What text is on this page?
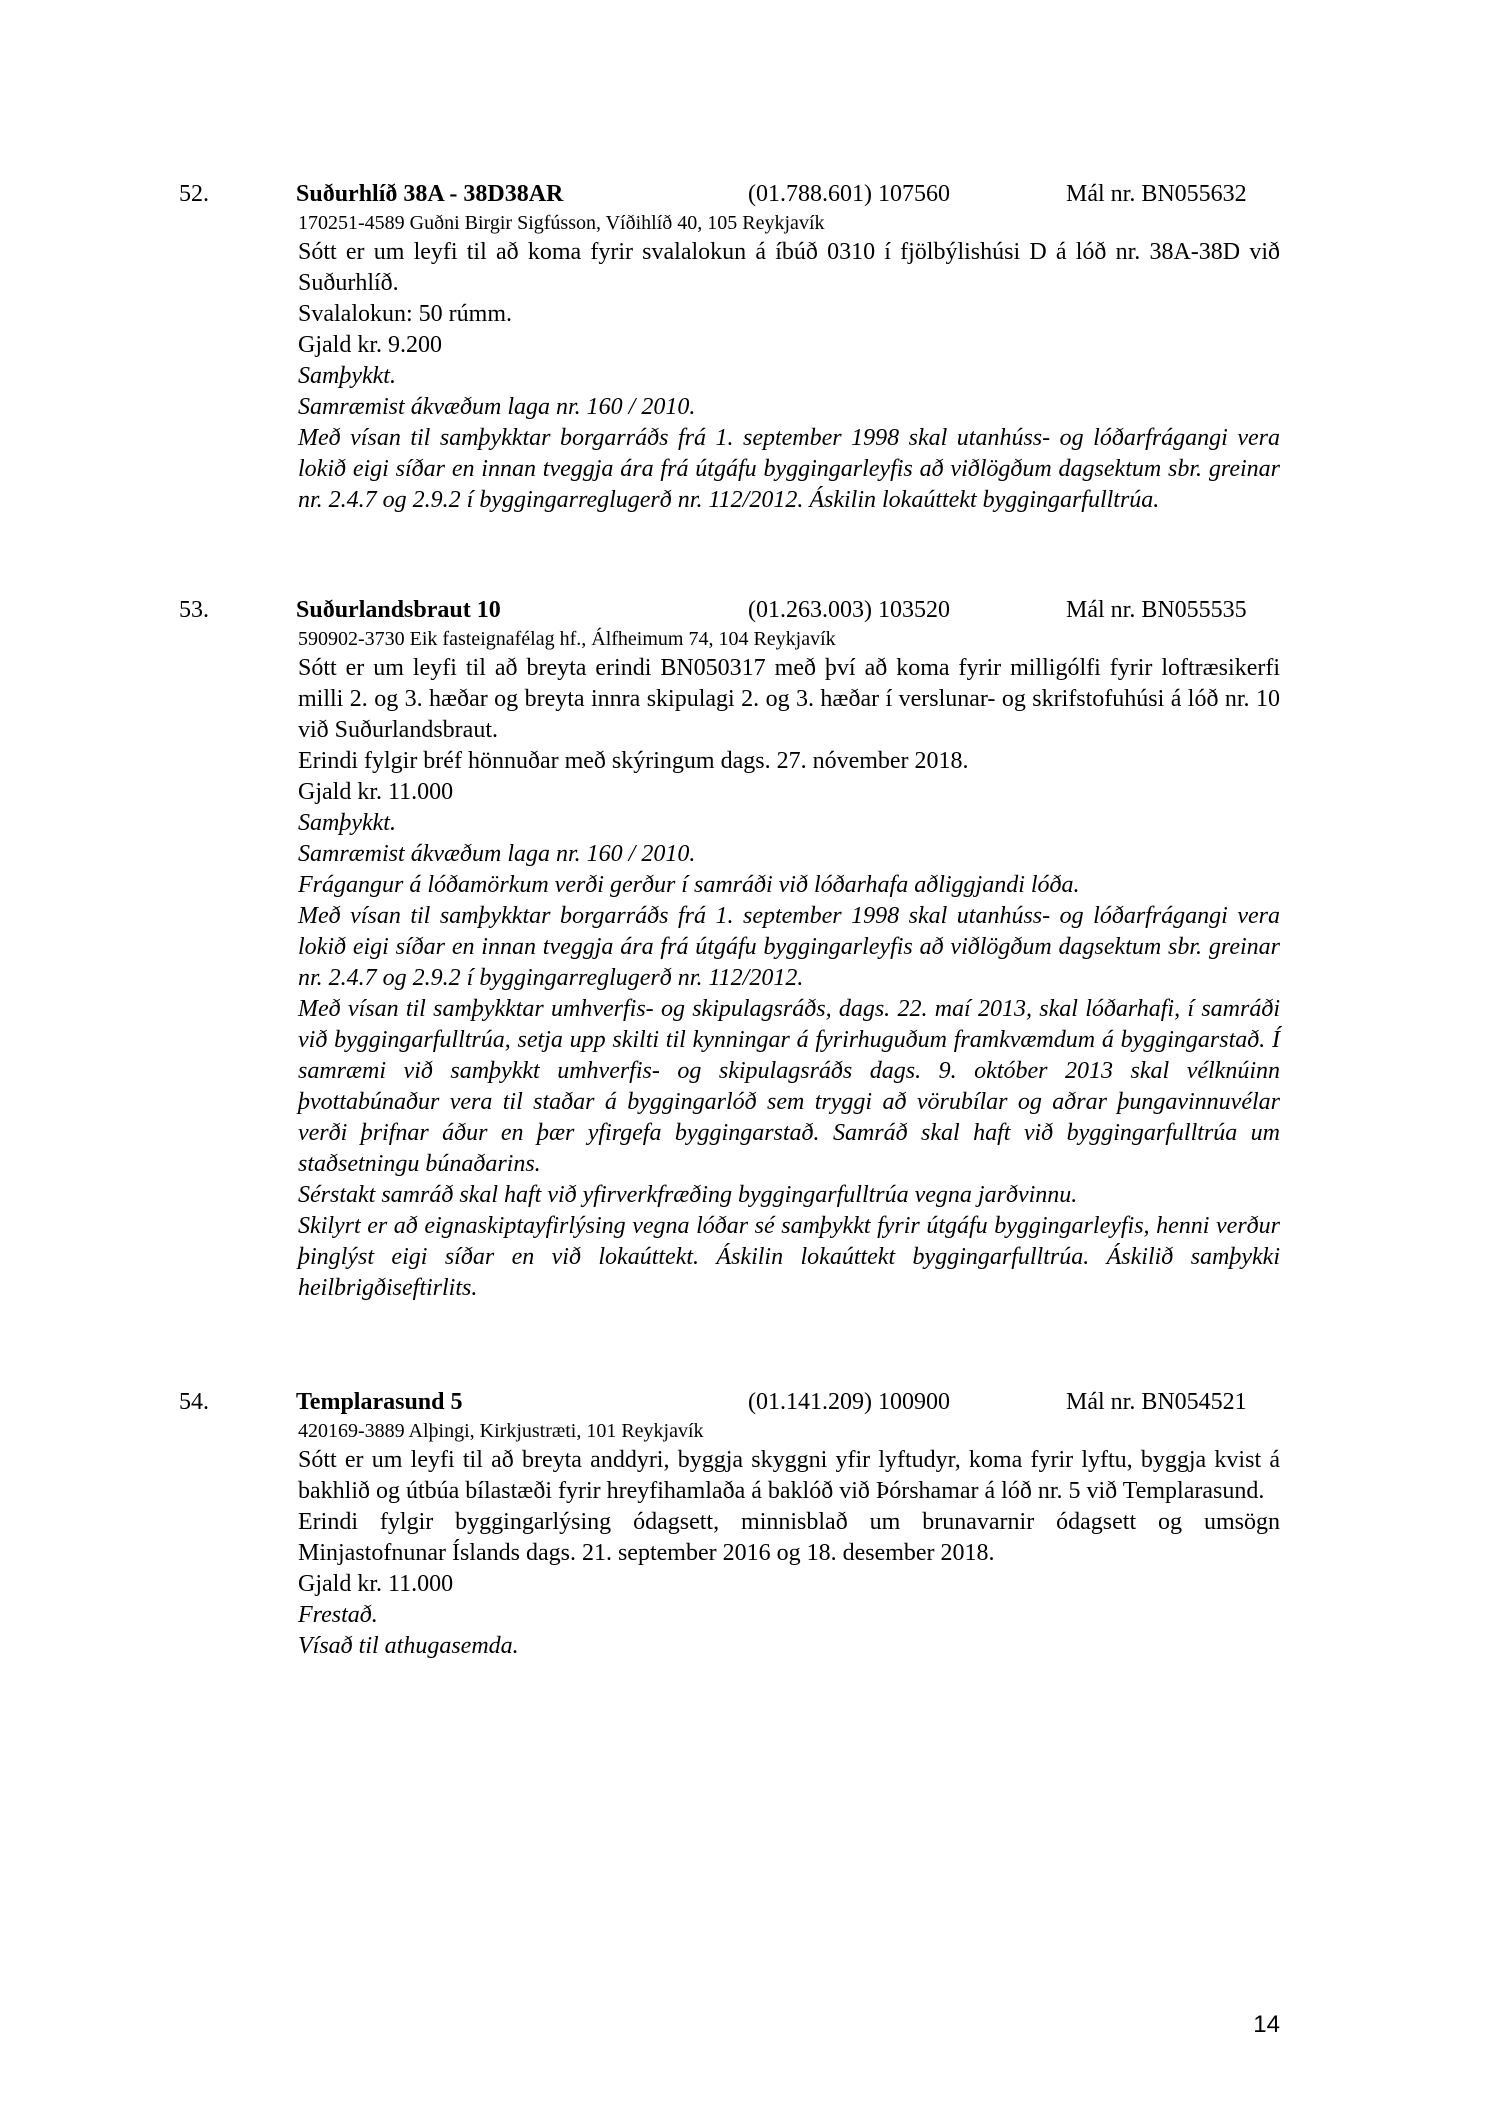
52.	Suðurhlíð 38A - 38D38AR	(01.788.601) 107560	Mál nr. BN055632
170251-4589 Guðni Birgir Sigfússon, Víðihlíð 40, 105 Reykjavík

Sótt er um leyfi til að koma fyrir svalalokun á íbúð 0310 í fjölbýlishúsi D á lóð nr. 38A-38D við Suðurhlíð.

Svalalokun: 50 rúmm.

Gjald kr. 9.200

Samþykkt.

Samræmist ákvæðum laga nr. 160 / 2010.

Með vísan til samþykktar borgarráðs frá 1. september 1998 skal utanhúss- og lóðarfrágangi vera lokið eigi síðar en innan tveggja ára frá útgáfu byggingarleyfis að viðlögðum dagsektum sbr. greinar nr. 2.4.7 og 2.9.2 í byggingarreglugerð nr. 112/2012. Áskilin lokaúttekt byggingarfulltrúa.

53.	Suðurlandsbraut 10	(01.263.003) 103520	Mál nr. BN055535
590902-3730 Eik fasteignafélag hf., Álfheimum 74, 104 Reykjavík

Sótt er um leyfi til að breyta erindi BN050317 með því að koma fyrir milligólfi fyrir loftræsikerfi milli 2. og 3. hæðar og breyta innra skipulagi 2. og 3. hæðar í verslunar- og skrifstofuhúsi á lóð nr. 10 við Suðurlandsbraut.

Erindi fylgir bréf hönnuðar með skýringum dags. 27. nóvember 2018.

Gjald kr. 11.000

Samþykkt.

Samræmist ákvæðum laga nr. 160 / 2010.

Frágangur á lóðamörkum verði gerður í samráði við lóðarhafa aðliggjandi lóða.

Með vísan til samþykktar borgarráðs frá 1. september 1998 skal utanhúss- og lóðarfrágangi vera lokið eigi síðar en innan tveggja ára frá útgáfu byggingarleyfis að viðlögðum dagsektum sbr. greinar nr. 2.4.7 og 2.9.2 í byggingarreglugerð nr. 112/2012.

Með vísan til samþykktar umhverfis- og skipulagsráðs, dags. 22. maí 2013, skal lóðarhafi, í samráði við byggingarfulltrúa, setja upp skilti til kynningar á fyrirhuguðum framkvæmdum á byggingarstað. Í samræmi við samþykkt umhverfis- og skipulagsráðs dags. 9. október 2013 skal vélknúinn þvottabúnaður vera til staðar á byggingarlóð sem tryggi að vörubílar og aðrar þungavinnuvélar verði þrifnar áður en þær yfirgefa byggingarstað. Samráð skal haft við byggingarfulltrúa um staðsetningu búnaðarins.

Sérstakt samráð skal haft við yfirverkfræðing byggingarfulltrúa vegna jarðvinnu.

Skilyrt er að eignaskiptayfirlýsing vegna lóðar sé samþykkt fyrir útgáfu byggingarleyfis, henni verður þinglýst eigi síðar en við lokaúttekt. Áskilin lokaúttekt byggingarfulltrúa. Áskilið samþykki heilbrigðiseftirlits.

54.	Templarasund 5	(01.141.209) 100900	Mál nr. BN054521
420169-3889 Alþingi, Kirkjustræti, 101 Reykjavík

Sótt er um leyfi til að breyta anddyri, byggja skyggni yfir lyftudyr, koma fyrir lyftu, byggja kvist á bakhlið og útbúa bílastæði fyrir hreyfihamlaða á baklóð við Þórshamar á lóð nr. 5 við Templarasund.

Erindi fylgir byggingarlýsing ódagsett, minnisblað um brunavarnir ódagsett og umsögn Minjastofnunar Íslands dags. 21. september 2016 og 18. desember 2018.

Gjald kr. 11.000

Frestað.

Vísað til athugasemda.

14
